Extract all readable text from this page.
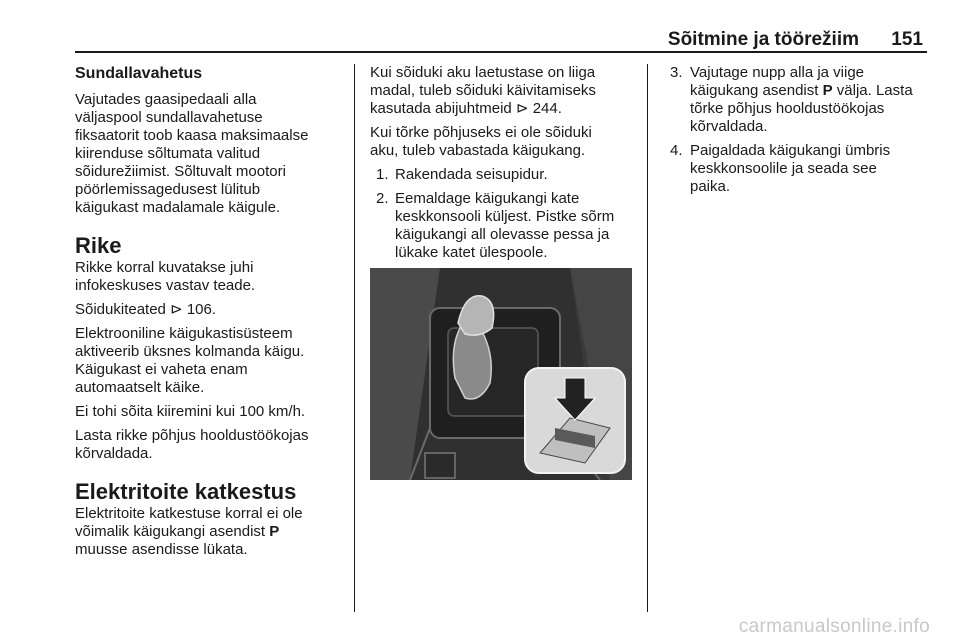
Sõitmine ja töörežiim 151
Sundallavahetus

Vajutades gaasipedaali alla
väljaspool sundallavahetuse
fiksaatorit toob kaasa maksimaalse
kiirenduse sõltumata valitud
sõidurežiimist. Sõltuvalt mootori
pöörlemissagedusest lülitub
käigukast madalamale käigule.

Rike

Rikke korral kuvatakse juhi
infokeskuses vastav teade.

Sõidukiteated ⊳ 106.

Elektrooniline käigukastisüsteem
aktiveerib üksnes kolmanda käigu.
Käigukast ei vaheta enam
automaatselt käike.

Ei tohi sõita kiiremini kui 100 km/h.

Lasta rikke põhjus hooldustöökojas
kõrvaldada.

Elektritoite katkestus

Elektritoite katkestuse korral ei ole
võimalik käigukangi asendist P
muusse asendisse lükata.

Kui sõiduki aku laetustase on liiga
madal, tuleb sõiduki käivitamiseks
kasutada abijuhtmeid ⊳ 244.

Kui tõrke põhjuseks ei ole sõiduki
aku, tuleb vabastada käigukang.

1. Rakendada seisupidur.
2. Eemaldage käigukangi kate
keskkonsooli küljest. Pistke sõrm
käigukangi all olevasse pessa ja
lükake katet ülespoole.
3. Vajutage nupp alla ja viige
käigukang asendist P välja. Lasta
tõrke põhjus hooldustöökojas
kõrvaldada.
4. Paigaldada käigukangi ümbris
keskkonsoolile ja seada see
paika.
carmanualsonline.info
